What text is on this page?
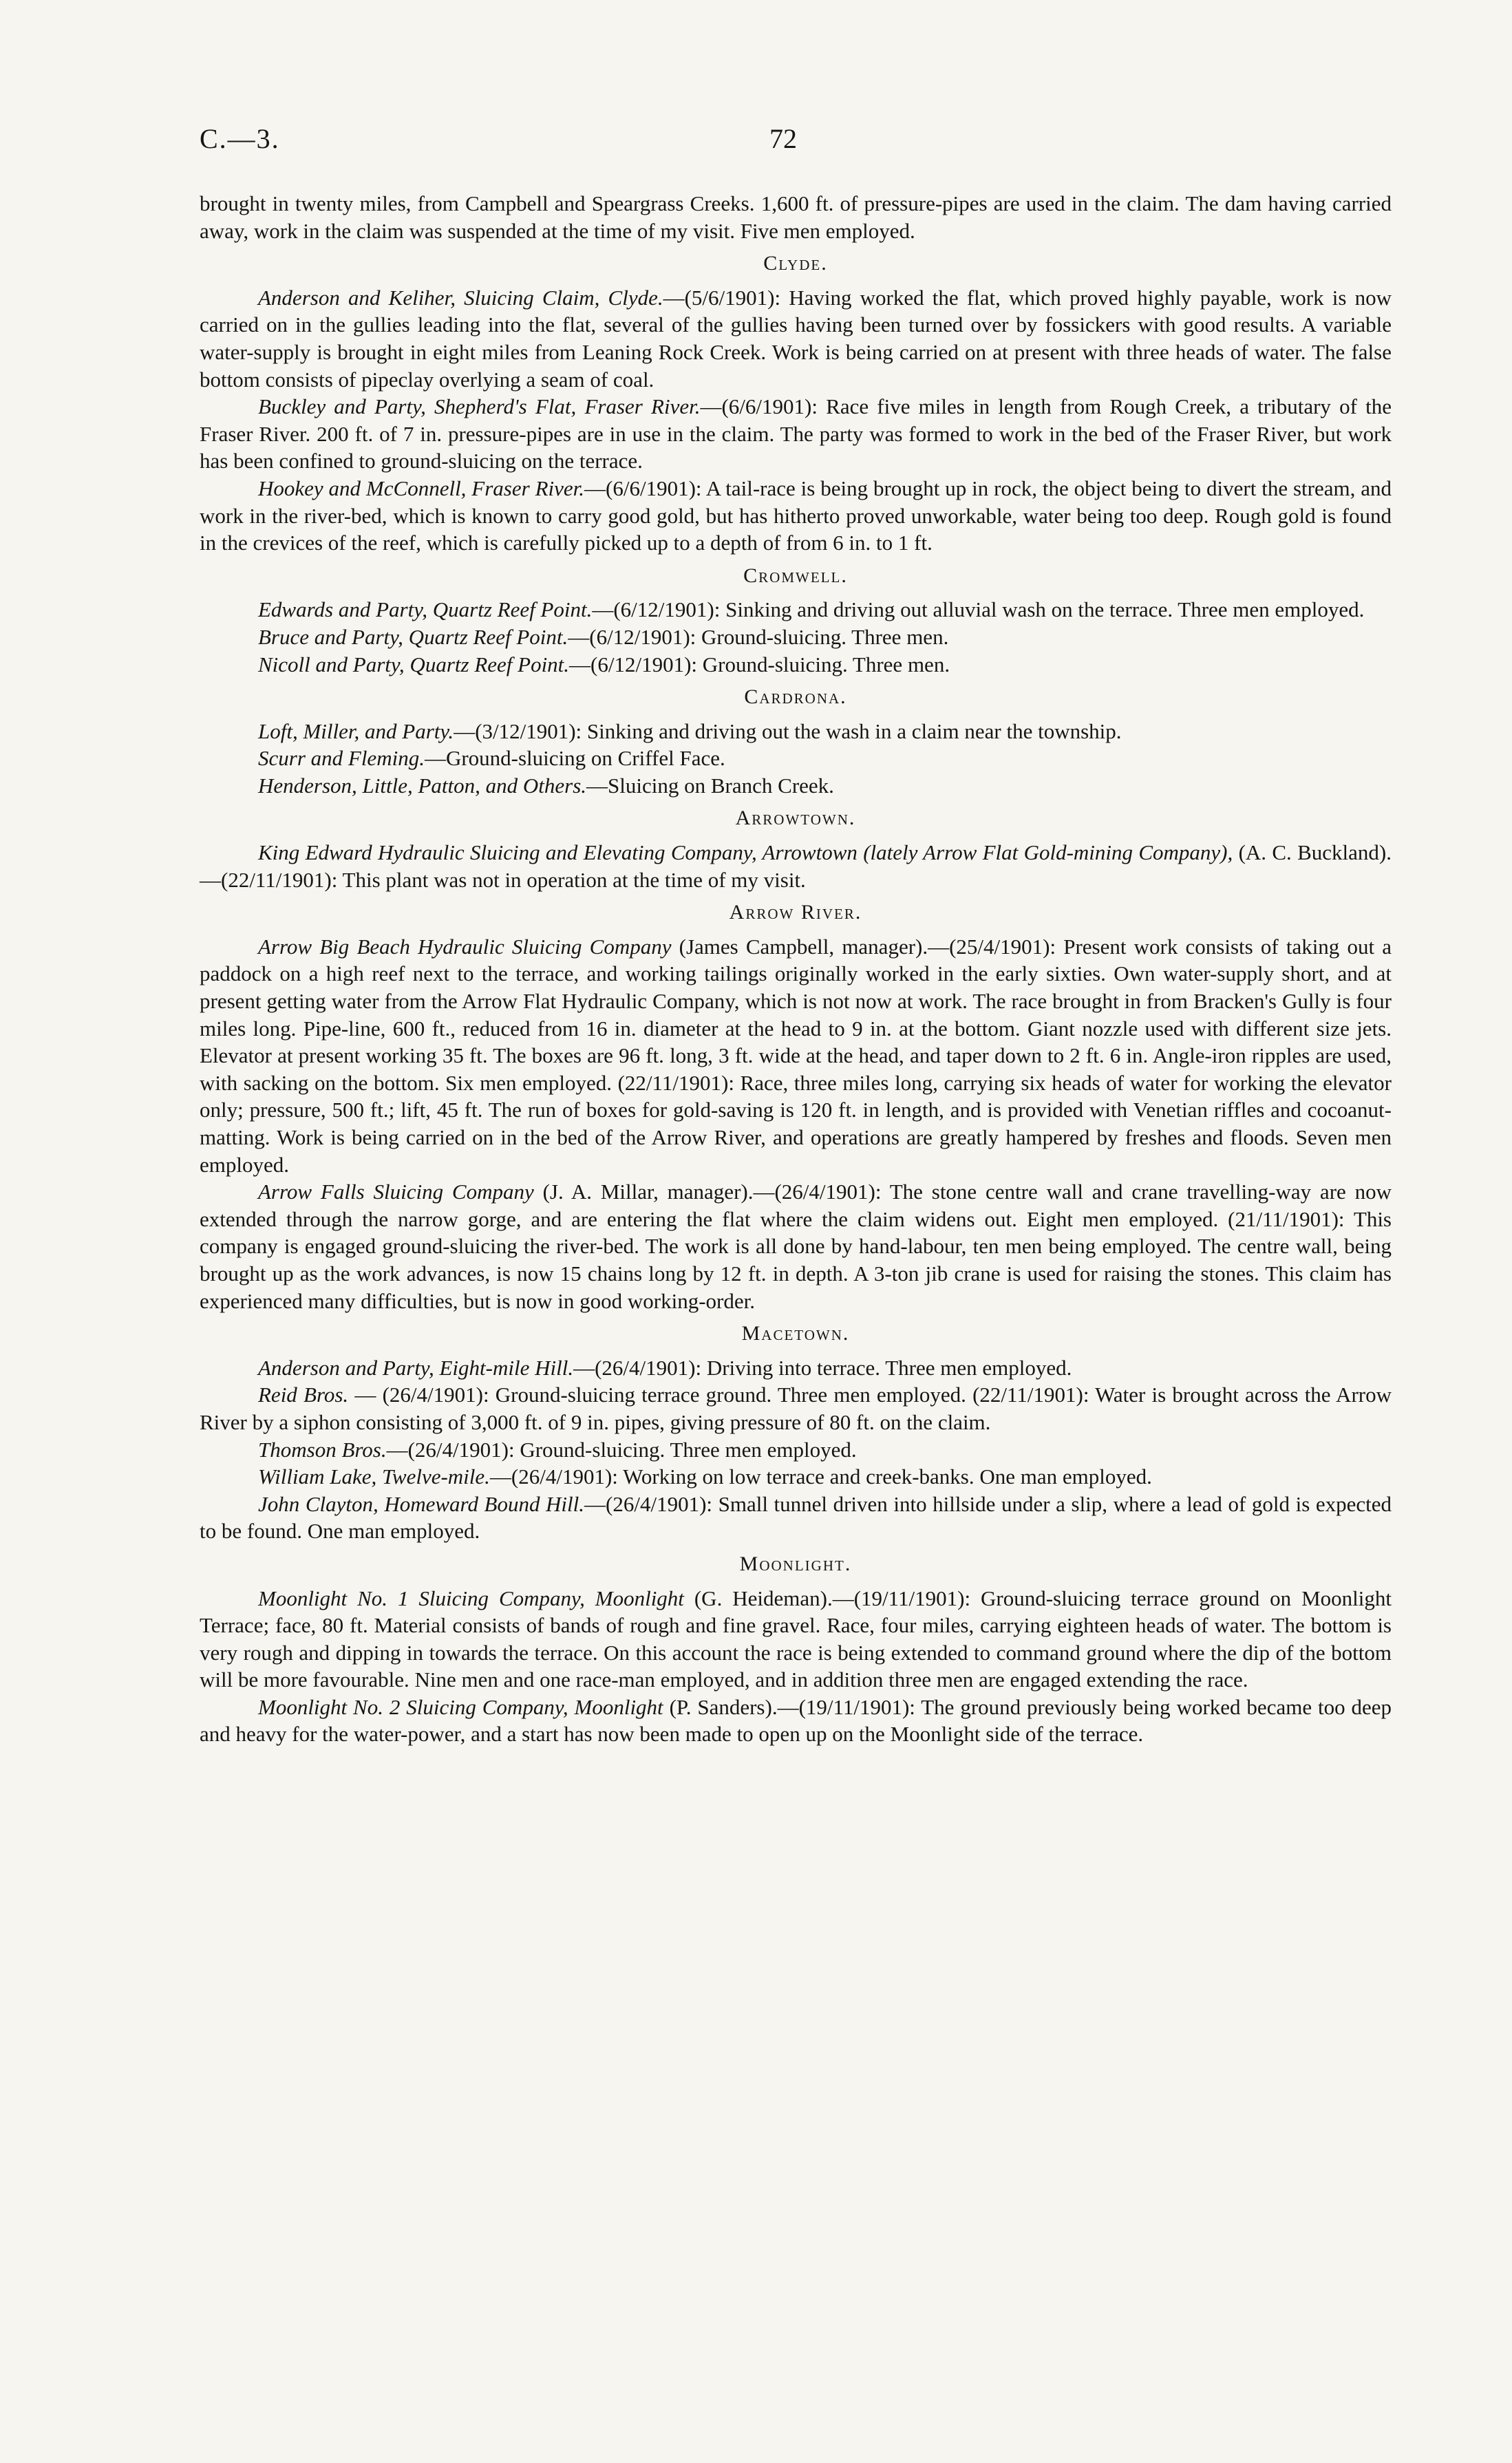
C.—3.	72

brought in twenty miles, from Campbell and Speargrass Creeks. 1,600 ft. of pressure-pipes are used in the claim. The dam having carried away, work in the claim was suspended at the time of my visit. Five men employed.

Clyde.

Anderson and Keliher, Sluicing Claim, Clyde.—(5/6/1901): Having worked the flat, which proved highly payable, work is now carried on in the gullies leading into the flat, several of the gullies having been turned over by fossickers with good results. A variable water-supply is brought in eight miles from Leaning Rock Creek. Work is being carried on at present with three heads of water. The false bottom consists of pipeclay overlying a seam of coal.

Buckley and Party, Shepherd's Flat, Fraser River.—(6/6/1901): Race five miles in length from Rough Creek, a tributary of the Fraser River. 200 ft. of 7 in. pressure-pipes are in use in the claim. The party was formed to work in the bed of the Fraser River, but work has been confined to ground-sluicing on the terrace.

Hookey and McConnell, Fraser River.—(6/6/1901): A tail-race is being brought up in rock, the object being to divert the stream, and work in the river-bed, which is known to carry good gold, but has hitherto proved unworkable, water being too deep. Rough gold is found in the crevices of the reef, which is carefully picked up to a depth of from 6 in. to 1 ft.

Cromwell.

Edwards and Party, Quartz Reef Point.—(6/12/1901): Sinking and driving out alluvial wash on the terrace. Three men employed.

Bruce and Party, Quartz Reef Point.—(6/12/1901): Ground-sluicing. Three men.

Nicoll and Party, Quartz Reef Point.—(6/12/1901): Ground-sluicing. Three men.

Cardrona.

Loft, Miller, and Party.—(3/12/1901): Sinking and driving out the wash in a claim near the township.

Scurr and Fleming.—Ground-sluicing on Criffel Face.

Henderson, Little, Patton, and Others.—Sluicing on Branch Creek.

Arrowtown.

King Edward Hydraulic Sluicing and Elevating Company, Arrowtown (lately Arrow Flat Gold-mining Company), (A. C. Buckland).—(22/11/1901): This plant was not in operation at the time of my visit.

Arrow River.

Arrow Big Beach Hydraulic Sluicing Company (James Campbell, manager).—(25/4/1901): Present work consists of taking out a paddock on a high reef next to the terrace, and working tailings originally worked in the early sixties. Own water-supply short, and at present getting water from the Arrow Flat Hydraulic Company, which is not now at work. The race brought in from Bracken's Gully is four miles long. Pipe-line, 600 ft., reduced from 16 in. diameter at the head to 9 in. at the bottom. Giant nozzle used with different size jets. Elevator at present working 35 ft. The boxes are 96 ft. long, 3 ft. wide at the head, and taper down to 2 ft. 6 in. Angle-iron ripples are used, with sacking on the bottom. Six men employed. (22/11/1901): Race, three miles long, carrying six heads of water for working the elevator only; pressure, 500 ft.; lift, 45 ft. The run of boxes for gold-saving is 120 ft. in length, and is provided with Venetian riffles and cocoanut-matting. Work is being carried on in the bed of the Arrow River, and operations are greatly hampered by freshes and floods. Seven men employed.

Arrow Falls Sluicing Company (J. A. Millar, manager).—(26/4/1901): The stone centre wall and crane travelling-way are now extended through the narrow gorge, and are entering the flat where the claim widens out. Eight men employed. (21/11/1901): This company is engaged ground-sluicing the river-bed. The work is all done by hand-labour, ten men being employed. The centre wall, being brought up as the work advances, is now 15 chains long by 12 ft. in depth. A 3-ton jib crane is used for raising the stones. This claim has experienced many difficulties, but is now in good working-order.

Macetown.

Anderson and Party, Eight-mile Hill.—(26/4/1901): Driving into terrace. Three men employed.

Reid Bros. — (26/4/1901): Ground-sluicing terrace ground. Three men employed. (22/11/1901): Water is brought across the Arrow River by a siphon consisting of 3,000 ft. of 9 in. pipes, giving pressure of 80 ft. on the claim.

Thomson Bros.—(26/4/1901): Ground-sluicing. Three men employed.

William Lake, Twelve-mile.—(26/4/1901): Working on low terrace and creek-banks. One man employed.

John Clayton, Homeward Bound Hill.—(26/4/1901): Small tunnel driven into hillside under a slip, where a lead of gold is expected to be found. One man employed.

Moonlight.

Moonlight No. 1 Sluicing Company, Moonlight (G. Heideman).—(19/11/1901): Ground-sluicing terrace ground on Moonlight Terrace; face, 80 ft. Material consists of bands of rough and fine gravel. Race, four miles, carrying eighteen heads of water. The bottom is very rough and dipping in towards the terrace. On this account the race is being extended to command ground where the dip of the bottom will be more favourable. Nine men and one race-man employed, and in addition three men are engaged extending the race.

Moonlight No. 2 Sluicing Company, Moonlight (P. Sanders).—(19/11/1901): The ground previously being worked became too deep and heavy for the water-power, and a start has now been made to open up on the Moonlight side of the terrace.
